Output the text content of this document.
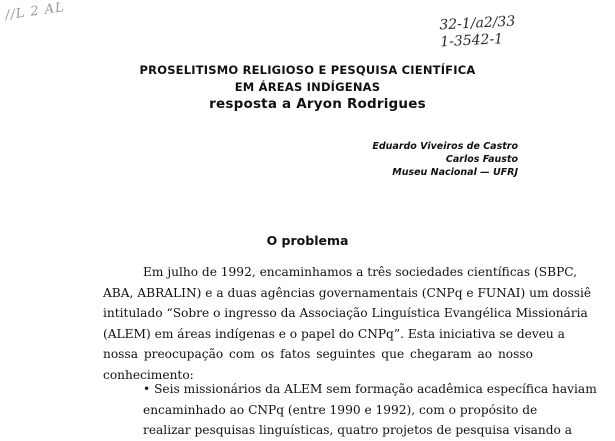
//L 2 AL
32-1/a2/33
1-3542-1
PROSELITISMO RELIGIOSO E PESQUISA CIENTÍFICA
EM ÁREAS INDÍGENAS
resposta a Aryon Rodrigues
Eduardo Viveiros de Castro
Carlos Fausto
Museu Nacional — UFRJ
O problema
Em julho de 1992, encaminhamos a três sociedades científicas (SBPC,
ABA, ABRALIN) e a duas agências governamentais (CNPq e FUNAI) um dossiê
intitulado “Sobre o ingresso da Associação Linguística Evangélica Missionária
(ALEM) em áreas indígenas e o papel do CNPq”. Esta iniciativa se deveu a
nossa preocupação com os fatos seguintes que chegaram ao nosso
conhecimento:
• Seis missionários da ALEM sem formação acadêmica específica haviam
encaminhado ao CNPq (entre 1990 e 1992), com o propósito de
realizar pesquisas linguísticas, quatro projetos de pesquisa visando a
